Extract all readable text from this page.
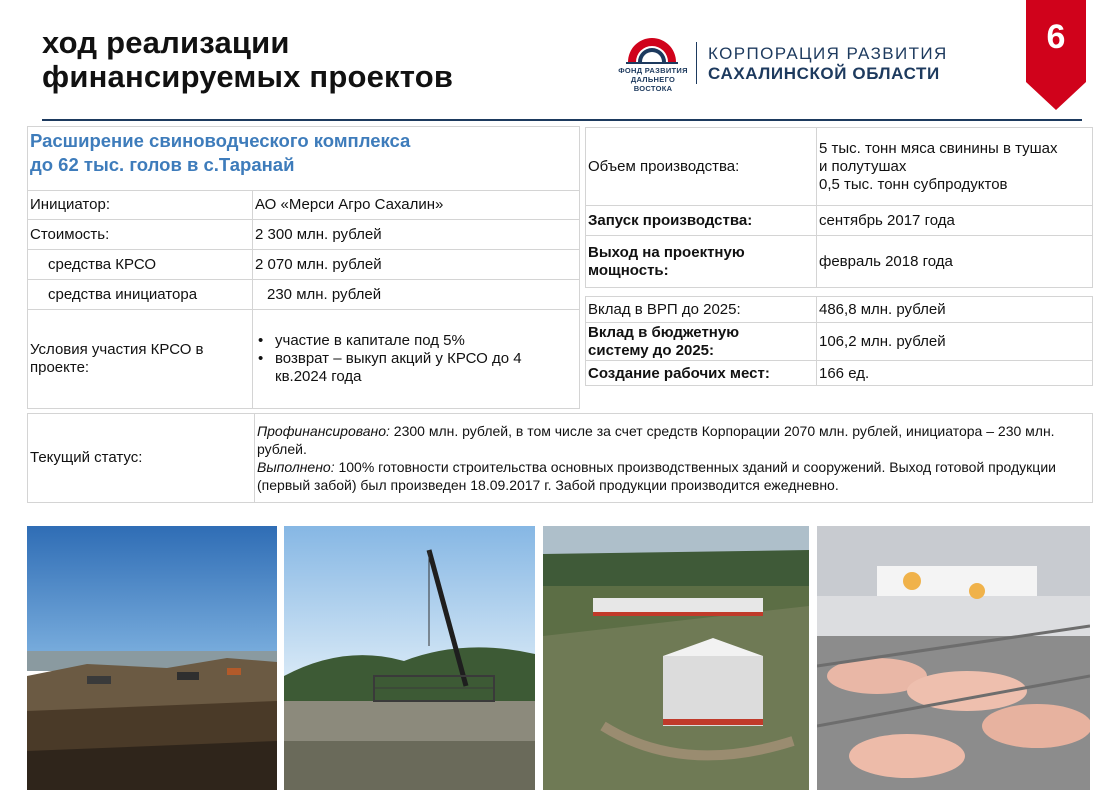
ход реализации
финансируемых проектов	ФОНД РАЗВИТИЯ
ДАЛЬНЕГО ВОСТОКА
КОРПОРАЦИЯ РАЗВИТИЯ
САХАЛИНСКОЙ ОБЛАСТИ
6
Расширение свиноводческого комплекса
до 62 тыс. голов в с.Таранай
Инициатор:	АО «Мерси Агро Сахалин»
Стоимость:	2 300 млн. рублей
средства КРСО	2 070 млн. рублей
средства инициатора	230 млн. рублей
Условия участия КРСО в
проекте:
• участие в капитале под 5%
• возврат – выкуп акций у КРСО до 4 кв.2024 года
Объем производства:
5 тыс. тонн мяса свинины в тушах
и полутушах
0,5 тыс. тонн субпродуктов
Запуск производства:	сентябрь 2017 года
Выход на проектную
мощность:
февраль 2018 года
Вклад в ВРП до 2025:	486,8 млн. рублей
Вклад в бюджетную
систему до 2025:
106,2 млн. рублей
Создание рабочих мест:	166 ед.
Текущий статус:

Профинансировано: 2300 млн. рублей, в том числе за счет средств Корпорации 2070 млн. рублей, инициатора – 230 млн. рублей.

Выполнено: 100% готовности строительства основных производственных зданий и сооружений. Выход готовой продукции (первый забой) был произведен 18.09.2017 г. Забой продукции производится ежедневно.
